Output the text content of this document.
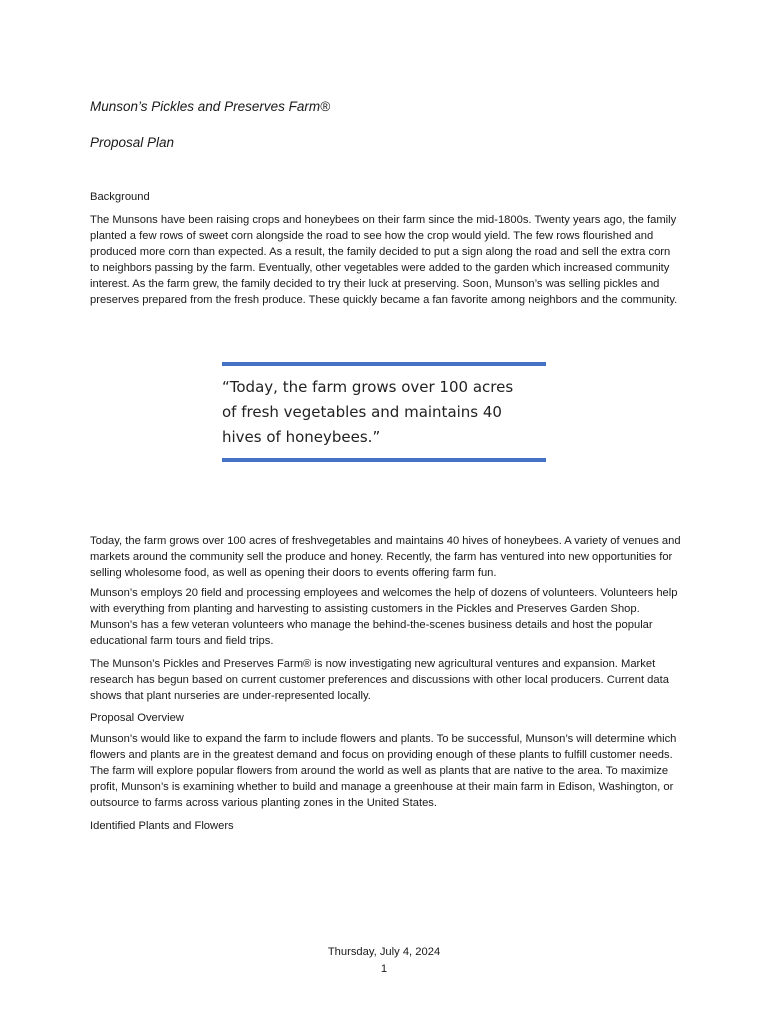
Munson’s Pickles and Preserves Farm®
Proposal Plan
Background

The Munsons have been raising crops and honeybees on their farm since the mid-1800s. Twenty years ago, the family planted a few rows of sweet corn alongside the road to see how the crop would yield. The few rows flourished and produced more corn than expected. As a result, the family decided to put a sign along the road and sell the extra corn to neighbors passing by the farm. Eventually, other vegetables were added to the garden which increased community interest. As the farm grew, the family decided to try their luck at preserving. Soon, Munson’s was selling pickles and preserves prepared from the fresh produce. These quickly became a fan favorite among neighbors and the community.

“Today, the farm grows over 100 acres of fresh vegetables and maintains 40 hives of honeybees.”

Today, the farm grows over 100 acres of freshvegetables and maintains 40 hives of honeybees. A variety of venues and markets around the community sell the produce and honey. Recently, the farm has ventured into new opportunities for selling wholesome food, as well as opening their doors to events offering farm fun.

Munson’s employs 20 field and processing employees and welcomes the help of dozens of volunteers. Volunteers help with everything from planting and harvesting to assisting customers in the Pickles and Preserves Garden Shop. Munson’s has a few veteran volunteers who manage the behind-the-scenes business details and host the popular educational farm tours and field trips.

The Munson’s Pickles and Preserves Farm® is now investigating new agricultural ventures and expansion. Market research has begun based on current customer preferences and discussions with other local producers. Current data shows that plant nurseries are under-represented locally.

Proposal Overview

Munson’s would like to expand the farm to include flowers and plants. To be successful, Munson’s will determine which flowers and plants are in the greatest demand and focus on providing enough of these plants to fulfill customer needs. The farm will explore popular flowers from around the world as well as plants that are native to the area. To maximize profit, Munson’s is examining whether to build and manage a greenhouse at their main farm in Edison, Washington, or outsource to farms across various planting zones in the United States.

Identified Plants and Flowers
Thursday, July 4, 2024
1
